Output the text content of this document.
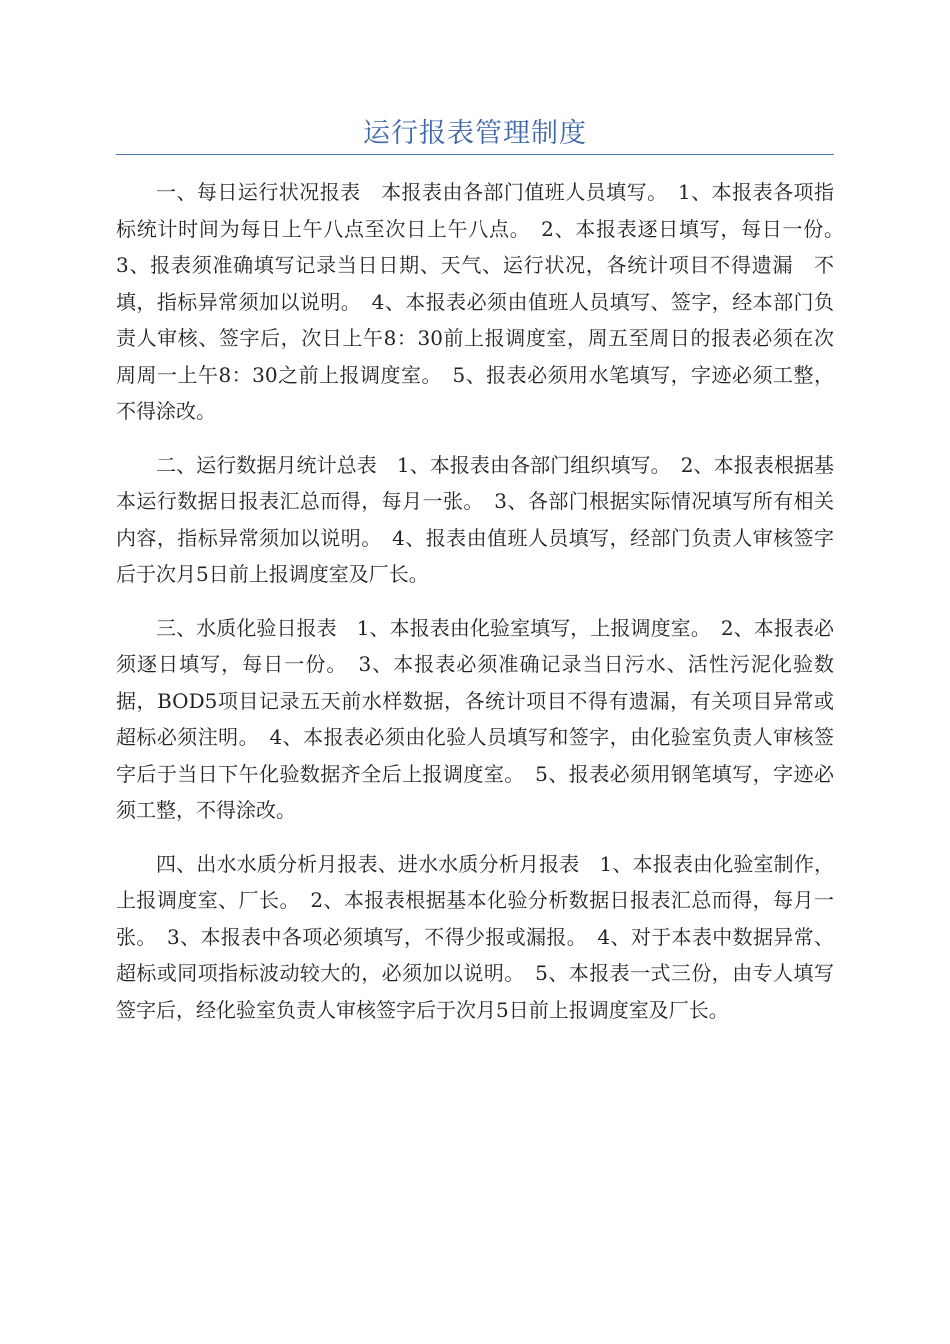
运行报表管理制度

一、每日运行状况报表　本报表由各部门值班人员填写。　1、本报表各项指标统计时间为每日上午八点至次日上午八点。　2、本报表逐日填写，每日一份。　3、报表须准确填写记录当日日期、天气、运行状况，各统计项目不得遗漏　不填，指标异常须加以说明。　4、本报表必须由值班人员填写、签字，经本部门负责人审核、签字后，次日上午8：30前上报调度室，周五至周日的报表必须在次周周一上午8：30之前上报调度室。　5、报表必须用水笔填写，字迹必须工整，不得涂改。

二、运行数据月统计总表　1、本报表由各部门组织填写。　2、本报表根据基本运行数据日报表汇总而得，每月一张。　3、各部门根据实际情况填写所有相关内容，指标异常须加以说明。　4、报表由值班人员填写，经部门负责人审核签字后于次月5日前上报调度室及厂长。

三、水质化验日报表　1、本报表由化验室填写，上报调度室。　2、本报表必须逐日填写，每日一份。　3、本报表必须准确记录当日污水、活性污泥化验数据，BOD5项目记录五天前水样数据，各统计项目不得有遗漏，有关项目异常或超标必须注明。　4、本报表必须由化验人员填写和签字，由化验室负责人审核签字后于当日下午化验数据齐全后上报调度室。　5、报表必须用钢笔填写，字迹必须工整，不得涂改。

四、出水水质分析月报表、进水水质分析月报表　1、本报表由化验室制作，上报调度室、厂长。　2、本报表根据基本化验分析数据日报表汇总而得，每月一张。　3、本报表中各项必须填写，不得少报或漏报。　4、对于本表中数据异常、超标或同项指标波动较大的，必须加以说明。　5、本报表一式三份，由专人填写签字后，经化验室负责人审核签字后于次月5日前上报调度室及厂长。
